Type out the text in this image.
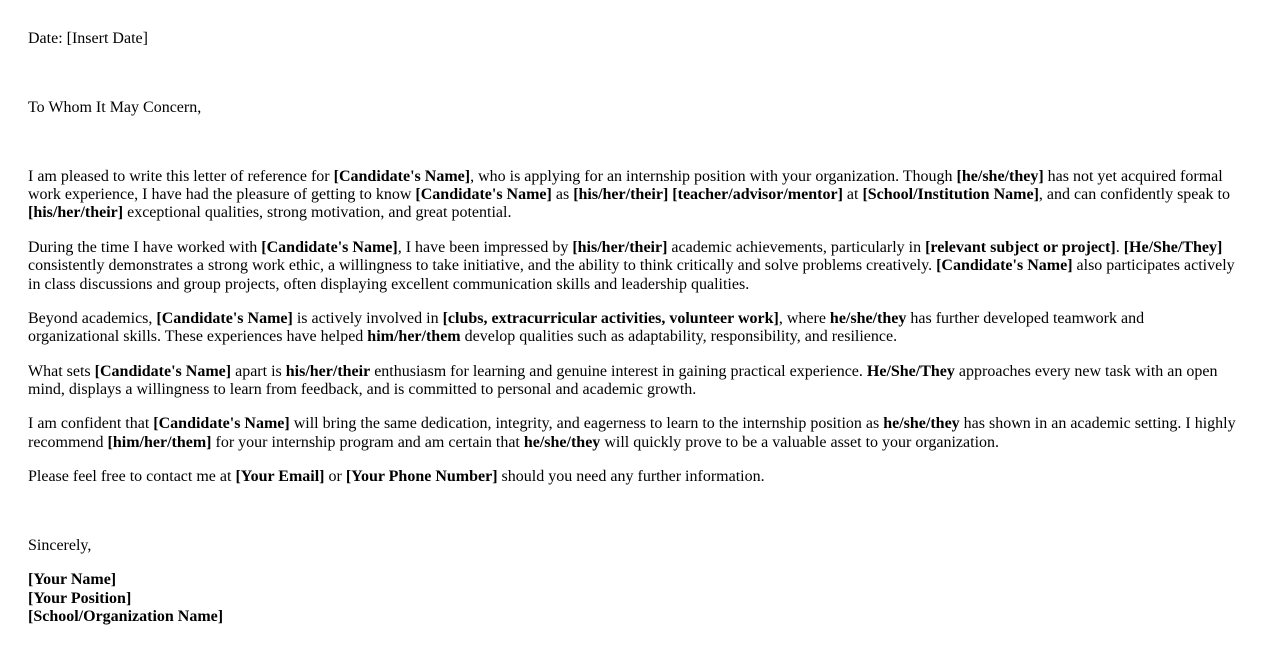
Date: [Insert Date]

To Whom It May Concern,

I am pleased to write this letter of reference for [Candidate's Name], who is applying for an internship position with your organization. Though [he/she/they] has not yet acquired formal work experience, I have had the pleasure of getting to know [Candidate's Name] as [his/her/their] [teacher/advisor/mentor] at [School/Institution Name], and can confidently speak to [his/her/their] exceptional qualities, strong motivation, and great potential.

During the time I have worked with [Candidate's Name], I have been impressed by [his/her/their] academic achievements, particularly in [relevant subject or project]. [He/She/They] consistently demonstrates a strong work ethic, a willingness to take initiative, and the ability to think critically and solve problems creatively. [Candidate's Name] also participates actively in class discussions and group projects, often displaying excellent communication skills and leadership qualities.

Beyond academics, [Candidate's Name] is actively involved in [clubs, extracurricular activities, volunteer work], where he/she/they has further developed teamwork and organizational skills. These experiences have helped him/her/them develop qualities such as adaptability, responsibility, and resilience.

What sets [Candidate's Name] apart is his/her/their enthusiasm for learning and genuine interest in gaining practical experience. He/She/They approaches every new task with an open mind, displays a willingness to learn from feedback, and is committed to personal and academic growth.

I am confident that [Candidate's Name] will bring the same dedication, integrity, and eagerness to learn to the internship position as he/she/they has shown in an academic setting. I highly recommend [him/her/them] for your internship program and am certain that he/she/they will quickly prove to be a valuable asset to your organization.

Please feel free to contact me at [Your Email] or [Your Phone Number] should you need any further information.

Sincerely,

[Your Name]
[Your Position]
[School/Organization Name]
